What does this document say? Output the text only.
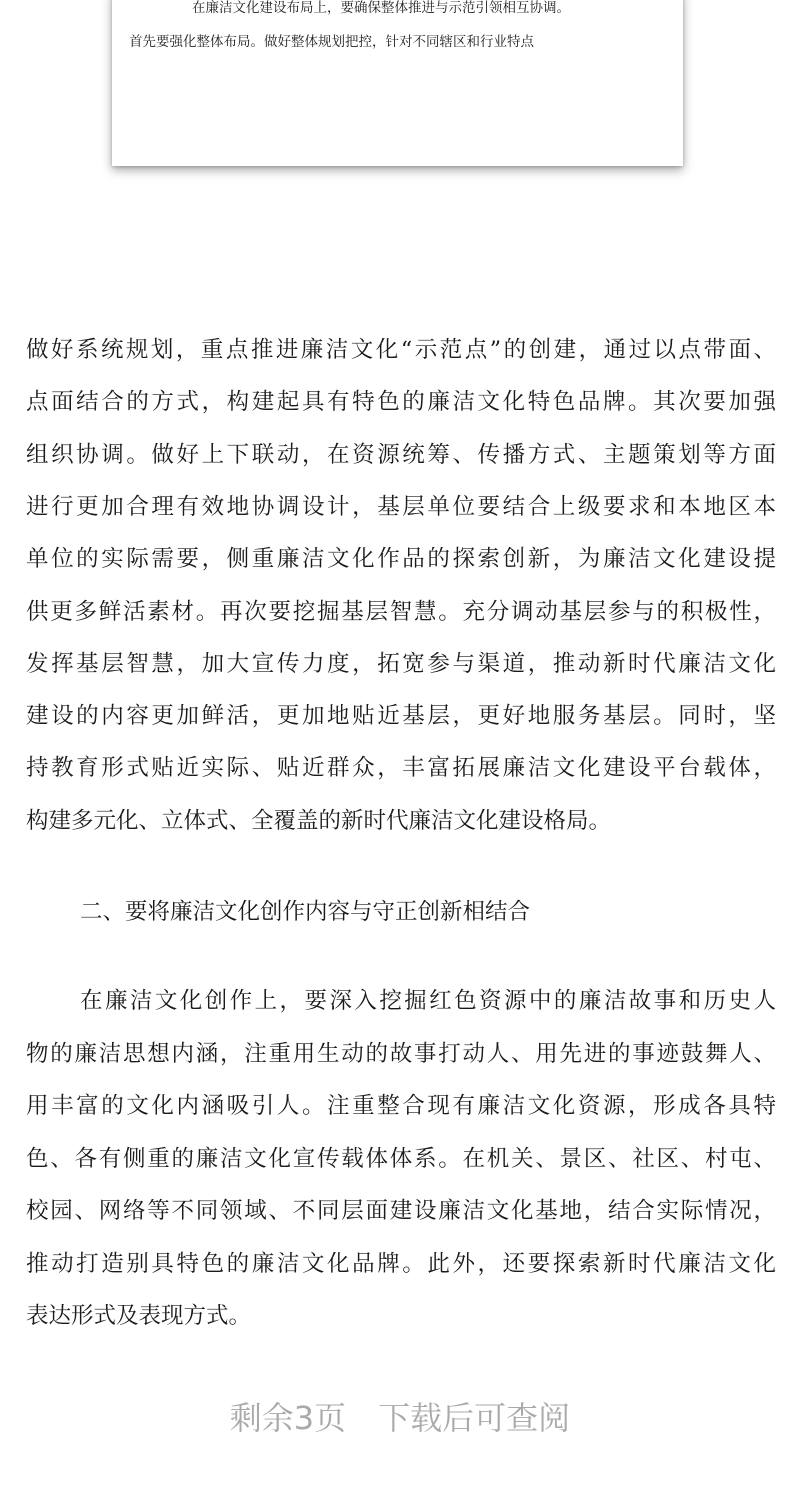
在廉洁文化建设布局上，要确保整体推进与示范引领相互协调。
首先要强化整体布局。做好整体规划把控，针对不同辖区和行业特点
做好系统规划，重点推进廉洁文化“示范点”的创建，通过以点带面、
点面结合的方式，构建起具有特色的廉洁文化特色品牌。其次要加强
组织协调。做好上下联动，在资源统筹、传播方式、主题策划等方面
进行更加合理有效地协调设计，基层单位要结合上级要求和本地区本
单位的实际需要，侧重廉洁文化作品的探索创新，为廉洁文化建设提
供更多鲜活素材。再次要挖掘基层智慧。充分调动基层参与的积极性，
发挥基层智慧，加大宣传力度，拓宽参与渠道，推动新时代廉洁文化
建设的内容更加鲜活，更加地贴近基层，更好地服务基层。同时，坚
持教育形式贴近实际、贴近群众，丰富拓展廉洁文化建设平台载体，
构建多元化、立体式、全覆盖的新时代廉洁文化建设格局。
二、要将廉洁文化创作内容与守正创新相结合
在廉洁文化创作上，要深入挖掘红色资源中的廉洁故事和历史人
物的廉洁思想内涵，注重用生动的故事打动人、用先进的事迹鼓舞人、
用丰富的文化内涵吸引人。注重整合现有廉洁文化资源，形成各具特
色、各有侧重的廉洁文化宣传载体体系。在机关、景区、社区、村屯、
校园、网络等不同领域、不同层面建设廉洁文化基地，结合实际情况，
推动打造别具特色的廉洁文化品牌。此外，还要探索新时代廉洁文化
表达形式及表现方式。
剩余3页 下载后可查阅
